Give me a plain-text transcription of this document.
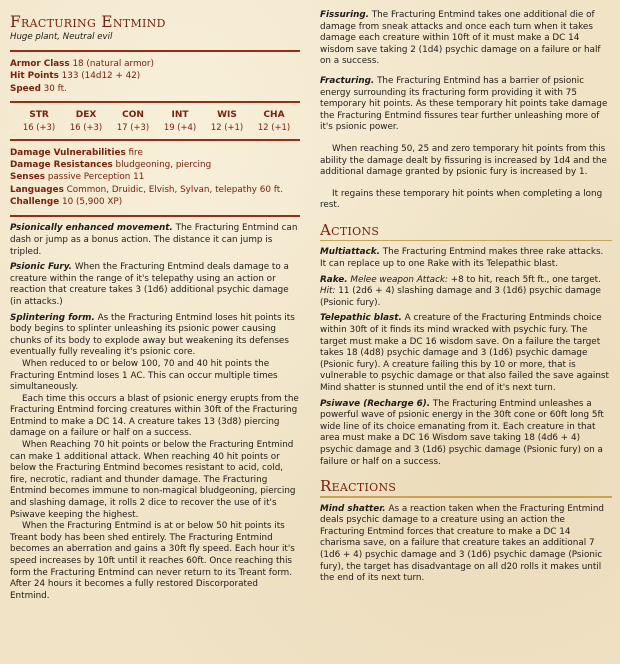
Fracturing Entmind
Huge plant, Neutral evil
Armor Class 18 (natural armor)
Hit Points 133 (14d12 + 42)
Speed 30 ft.
STR
16 (+3)
DEX
16 (+3)
CON
17 (+3)
INT
19 (+4)
WIS
12 (+1)
CHA
12 (+1)
Damage Vulnerabilities fire
Damage Resistances bludgeoning, piercing
Senses passive Perception 11
Languages Common, Druidic, Elvish, Sylvan, telepathy 60 ft.
Challenge 10 (5,900 XP)

Psionically enhanced movement. The Fracturing Entmind can dash or jump as a bonus action. The distance it can jump is tripled.

Psionic Fury. When the Fracturing Entmind deals damage to a creature within the range of it's telepathy using an action or reaction that creature takes 3 (1d6) additional psychic damage (in attacks.)

Splintering form. As the Fracturing Entmind loses hit points its body begins to splinter unleashing its psionic power causing chunks of its body to explode away but weakening its defenses eventually fully revealing it's psionic core.

When reduced to or below 100, 70 and 40 hit points the Fracturing Entmind loses 1 AC. This can occur multiple times simultaneously.

Each time this occurs a blast of psionic energy erupts from the Fracturing Entmind forcing creatures within 30ft of the Fracturing Entmind to make a DC 14. A creature takes 13 (3d8) piercing damage on a failure or half on a success.

When Reaching 70 hit points or below the Fracturing Entmind can make 1 additional attack. When reaching 40 hit points or below the Fracturing Entmind becomes resistant to acid, cold, fire, necrotic, radiant and thunder damage. The Fracturing Entmind becomes immune to non-magical bludgeoning, piercing and slashing damage, it rolls 2 dice to recover the use of it's Psiwave keeping the highest.

When the Fracturing Entmind is at or below 50 hit points its Treant body has been shed entirely. The Fracturing Entmind becomes an aberration and gains a 30ft fly speed. Each hour it's speed increases by 10ft until it reaches 60ft. Once reaching this form the Fracturing Entmind can never return to its Treant form. After 24 hours it becomes a fully restored Discorporated Entmind.

Fissuring. The Fracturing Entmind takes one additional die of damage from sneak attacks and once each turn when it takes damage each creature within 10ft of it must make a DC 14 wisdom save taking 2 (1d4) psychic damage on a failure or half on a success.

Fracturing. The Fracturing Entmind has a barrier of psionic energy surrounding its fracturing form providing it with 75 temporary hit points. As these temporary hit points take damage the Fracturing Entmind fissures tear further unleashing more of it's psionic power.

When reaching 50, 25 and zero temporary hit points from this ability the damage dealt by fissuring is increased by 1d4 and the additional damage granted by psionic fury is increased by 1.

It regains these temporary hit points when completing a long rest.

Actions

Multiattack. The Fracturing Entmind makes three rake attacks. It can replace up to one Rake with its Telepathic blast.

Rake. Melee weapon Attack: +8 to hit, reach 5ft ft., one target.
Hit: 11 (2d6 + 4) slashing damage and 3 (1d6) psychic damage (Psionic fury).

Telepathic blast. A creature of the Fracturing Entminds choice within 30ft of it finds its mind wracked with psychic fury. The target must make a DC 16 wisdom save. On a failure the target takes 18 (4d8) psychic damage and 3 (1d6) psychic damage (Psionic fury). A creature failing this by 10 or more, that is vulnerable to psychic damage or that also failed the save against Mind shatter is stunned until the end of it's next turn.

Psiwave (Recharge 6). The Fracturing Entmind unleashes a powerful wave of psionic energy in the 30ft cone or 60ft long 5ft wide line of its choice emanating from it. Each creature in that area must make a DC 16 Wisdom save taking 18 (4d6 + 4) psychic damage and 3 (1d6) psychic damage (Psionic fury) on a failure or half on a success.

Reactions

Mind shatter. As a reaction taken when the Fracturing Entmind deals psychic damage to a creature using an action the Fracturing Entmind forces that creature to make a DC 14 charisma save, on a failure that creature takes an additional 7 (1d6 + 4) psychic damage and 3 (1d6) psychic damage (Psionic fury), the target has disadvantage on all d20 rolls it makes until the end of its next turn.
